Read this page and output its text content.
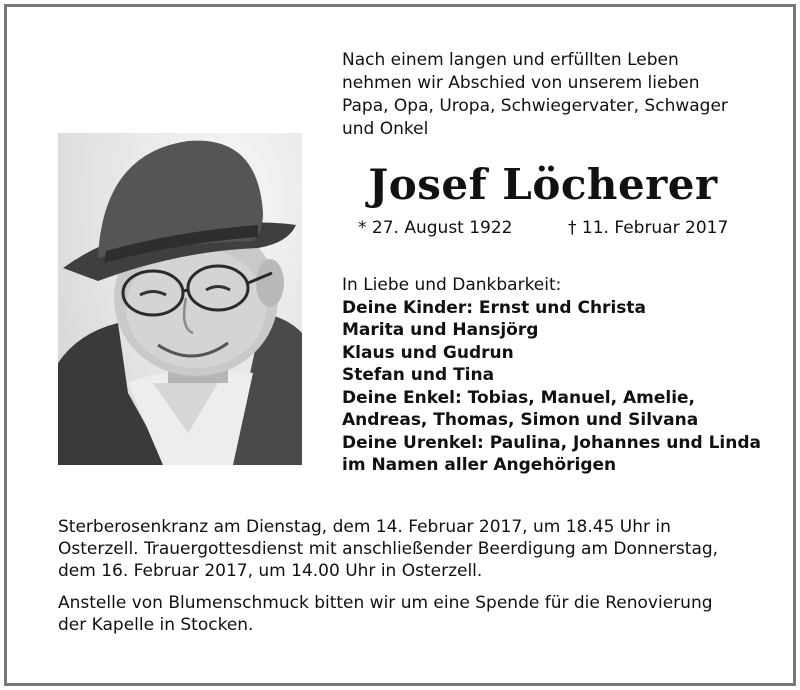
Nach einem langen und erfüllten Leben
nehmen wir Abschied von unserem lieben
Papa, Opa, Uropa, Schwiegervater, Schwager
und Onkel
Josef Löcherer
* 27. August 1922	† 11. Februar 2017
In Liebe und Dankbarkeit:
Deine Kinder: Ernst und Christa
Marita und Hansjörg
Klaus und Gudrun
Stefan und Tina
Deine Enkel: Tobias, Manuel, Amelie,
Andreas, Thomas, Simon und Silvana
Deine Urenkel: Paulina, Johannes und Linda
im Namen aller Angehörigen
Sterberosenkranz am Dienstag, dem 14. Februar 2017, um 18.45 Uhr in
Osterzell. Trauergottesdienst mit anschließender Beerdigung am Donnerstag,
dem 16. Februar 2017, um 14.00 Uhr in Osterzell.
Anstelle von Blumenschmuck bitten wir um eine Spende für die Renovierung
der Kapelle in Stocken.
